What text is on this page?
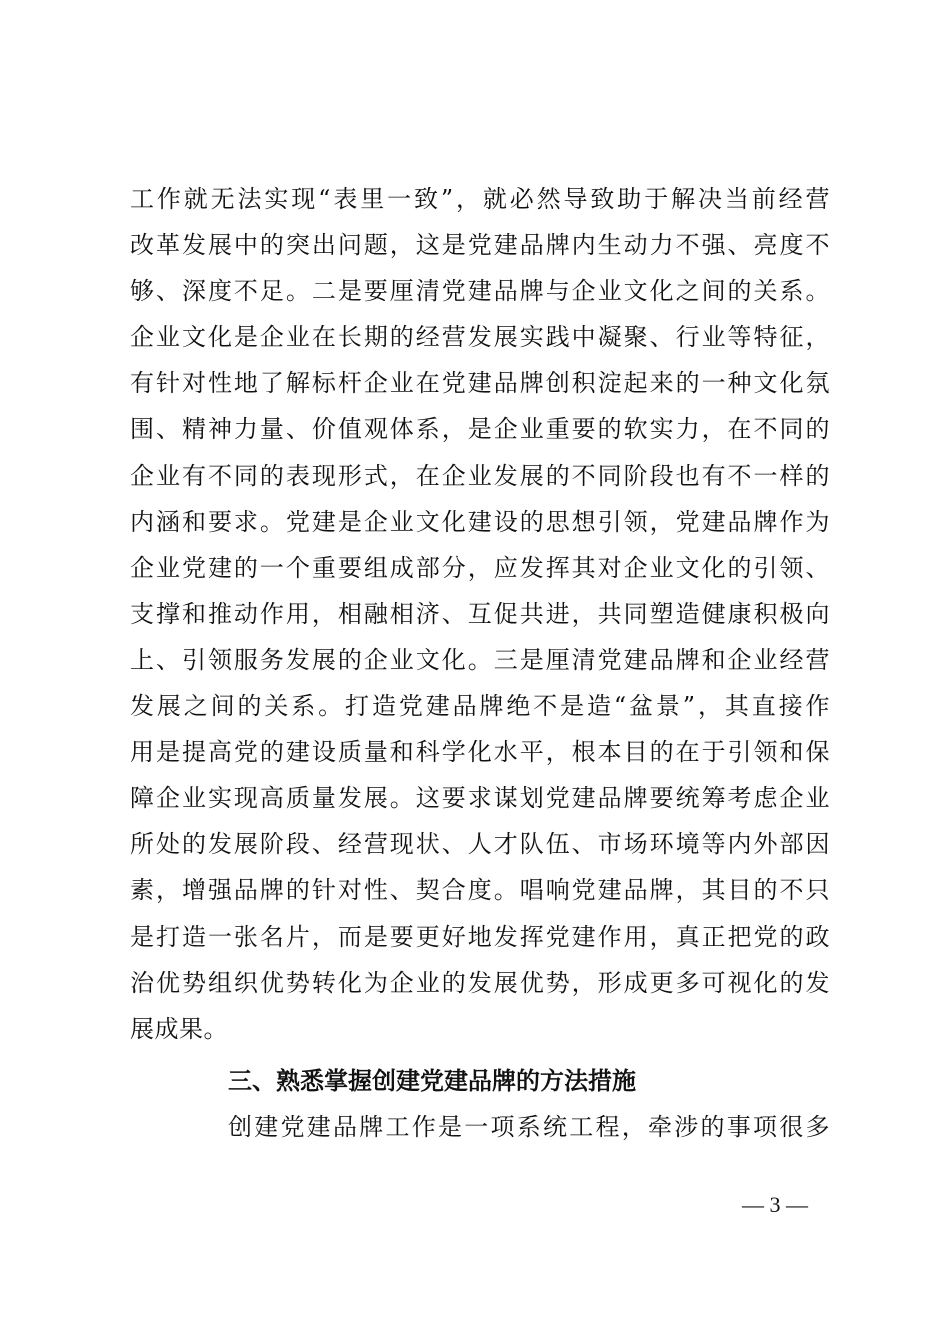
工作就无法实现“表里一致”，就必然导致助于解决当前经营
改革发展中的突出问题，这是党建品牌内生动力不强、亮度不
够、深度不足。二是要厘清党建品牌与企业文化之间的关系。
企业文化是企业在长期的经营发展实践中凝聚、行业等特征，
有针对性地了解标杆企业在党建品牌创积淀起来的一种文化氛
围、精神力量、价值观体系，是企业重要的软实力，在不同的
企业有不同的表现形式，在企业发展的不同阶段也有不一样的
内涵和要求。党建是企业文化建设的思想引领，党建品牌作为
企业党建的一个重要组成部分，应发挥其对企业文化的引领、
支撑和推动作用，相融相济、互促共进，共同塑造健康积极向
上、引领服务发展的企业文化。三是厘清党建品牌和企业经营
发展之间的关系。打造党建品牌绝不是造“盆景”，其直接作
用是提高党的建设质量和科学化水平，根本目的在于引领和保
障企业实现高质量发展。这要求谋划党建品牌要统筹考虑企业
所处的发展阶段、经营现状、人才队伍、市场环境等内外部因
素，增强品牌的针对性、契合度。唱响党建品牌，其目的不只
是打造一张名片，而是要更好地发挥党建作用，真正把党的政
治优势组织优势转化为企业的发展优势，形成更多可视化的发
展成果。
三、熟悉掌握创建党建品牌的方法措施
创建党建品牌工作是一项系统工程，牵涉的事项很多
— 3 —
